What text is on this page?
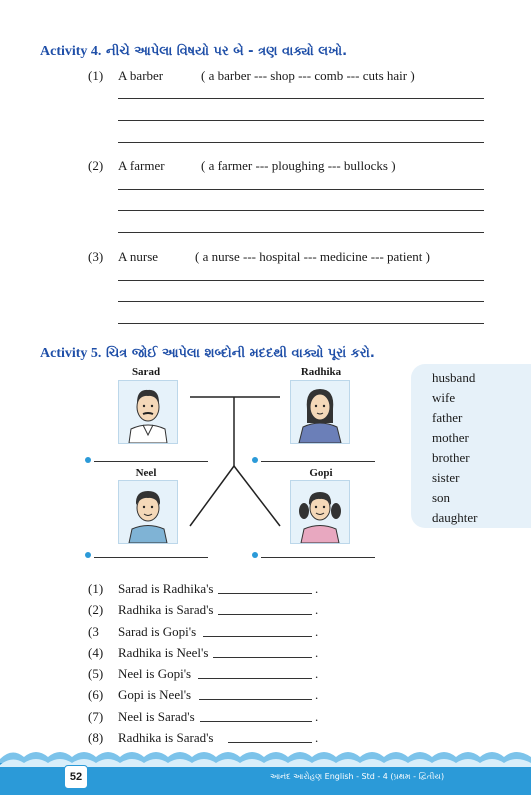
Activity 4. નીચે આપેલા વિષયો પર બે - ત્રણ વાક્યો લખો.
(1) A barber	( a barber --- shop --- comb --- cuts hair )
(2) A farmer	( a farmer --- ploughing --- bullocks )
(3) A nurse	( a nurse --- hospital --- medicine --- patient )
Activity 5. ચિત્ર જોઈ આપેલા શબ્દોની મદદથી વાક્યો પૂરાં કરો.
Sarad	Radhika
Neel	Gopi
husband
wife
father
mother
brother
sister
son
daughter
(1) Sarad is Radhika's	.
(2) Radhika is Sarad's	.
(3 Sarad is Gopi's	.
(4) Radhika is Neel's	.
(5) Neel is Gopi's	.
(6) Gopi is Neel's	.
(7) Neel is Sarad's	.
(8) Radhika is Sarad's	.
52	આનંદ આરોહણ English - Std - 4 (પ્રથમ - દ્વિતીય)
